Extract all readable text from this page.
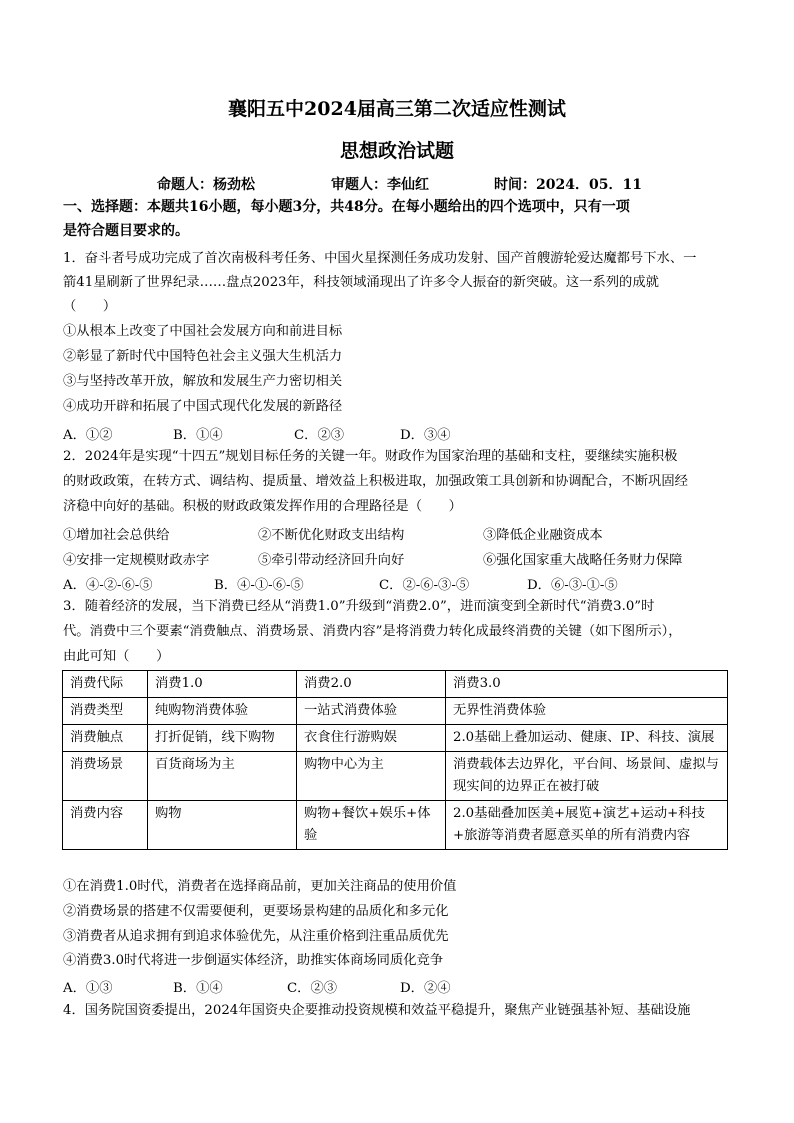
襄阳五中2024届高三第二次适应性测试
思想政治试题
命题人：杨劲松	审题人：李仙红	时间：2024．05．11
一、选择题：本题共16小题，每小题3分，共48分。在每小题给出的四个选项中，只有一项
是符合题目要求的。
1．奋斗者号成功完成了首次南极科考任务、中国火星探测任务成功发射、国产首艘游轮爱达魔都号下水、一
箭41星刷新了世界纪录……盘点2023年，科技领域涌现出了许多令人振奋的新突破。这一系列的成就
（　　）
①从根本上改变了中国社会发展方向和前进目标
②彰显了新时代中国特色社会主义强大生机活力
③与坚持改革开放，解放和发展生产力密切相关
④成功开辟和拓展了中国式现代化发展的新路径
A．①②	B．①④	C．②③	D．③④
2．2024年是实现“十四五”规划目标任务的关键一年。财政作为国家治理的基础和支柱，要继续实施积极
的财政政策，在转方式、调结构、提质量、增效益上积极进取，加强政策工具创新和协调配合，不断巩固经
济稳中向好的基础。积极的财政政策发挥作用的合理路径是（　　）
①增加社会总供给	②不断优化财政支出结构	③降低企业融资成本
④安排一定规模财政赤字	⑤牵引带动经济回升向好	⑥强化国家重大战略任务财力保障
A．④-②-⑥-⑤	B．④-①-⑥-⑤	C．②-⑥-③-⑤	D．⑥-③-①-⑤
3．随着经济的发展，当下消费已经从“消费1.0”升级到“消费2.0”，进而演变到全新时代“消费3.0”时
代。消费中三个要素“消费触点、消费场景、消费内容”是将消费力转化成最终消费的关键（如下图所示），
由此可知（　　）
消费代际	消费1.0	消费2.0	消费3.0
消费类型	纯购物消费体验	一站式消费体验	无界性消费体验
消费触点	打折促销，线下购物	衣食住行游购娱	2.0基础上叠加运动、健康、IP、科技、演展
消费场景	百货商场为主	购物中心为主	消费载体去边界化，平台间、场景间、虚拟与现实间的边界正在被打破
消费内容	购物	购物+餐饮+娱乐+体验	2.0基础叠加医美+展览+演艺+运动+科技+旅游等消费者愿意买单的所有消费内容
①在消费1.0时代，消费者在选择商品前，更加关注商品的使用价值
②消费场景的搭建不仅需要便利，更要场景构建的品质化和多元化
③消费者从追求拥有到追求体验优先，从注重价格到注重品质优先
④消费3.0时代将进一步倒逼实体经济，助推实体商场同质化竞争
A．①③	B．①④	C．②③	D．②④
4．国务院国资委提出，2024年国资央企要推动投资规模和效益平稳提升，聚焦产业链强基补短、基础设施
